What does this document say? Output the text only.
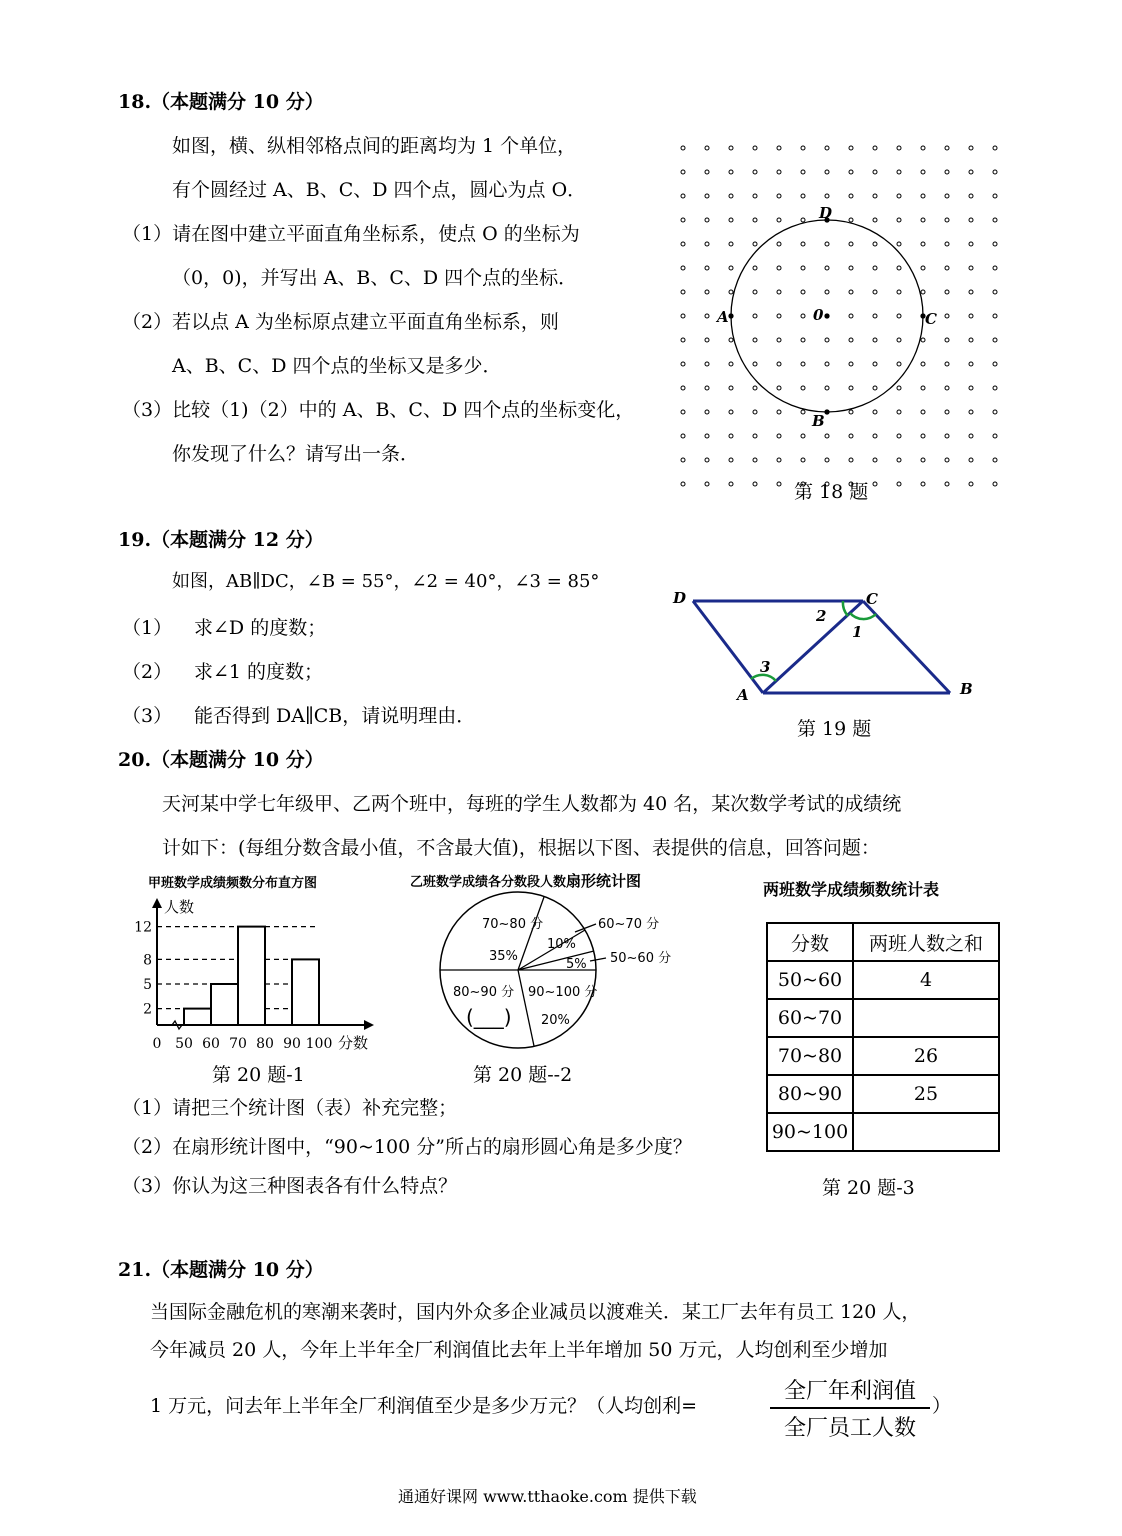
18.（本题满分 10 分）
如图，横、纵相邻格点间的距离均为 1 个单位，
有个圆经过 A、B、C、D 四个点，圆心为点 O．
（1）请在图中建立平面直角坐标系，使点 O 的坐标为
（0，0)，并写出 A、B、C、D 四个点的坐标．
（2）若以点 A 为坐标原点建立平面直角坐标系，则
A、B、C、D 四个点的坐标又是多少．
（3）比较（1)（2）中的 A、B、C、D 四个点的坐标变化，
你发现了什么？请写出一条．
D
A	0	C
B
第 18 题
19.（本题满分 12 分）
如图，AB∥DC，∠B = 55°，∠2 = 40°，∠3 = 85°
（1） 求∠D 的度数；
（2） 求∠1 的度数；
（3） 能否得到 DA∥CB，请说明理由．
D	C
2
1
3
A	B
第 19 题
20.（本题满分 10 分）
天河某中学七年级甲、乙两个班中，每班的学生人数都为 40 名，某次数学考试的成绩统
计如下：(每组分数含最小值，不含最大值)，根据以下图、表提供的信息，回答问题：
甲班数学成绩频数分布直方图
人数
分数
12
8
5
2
0 50 60 70 80 90 100
第 20 题-1
乙班数学成绩各分数段人数扇形统计图
70~80 分
35%
10%
60~70 分
5% 50~60 分
80~90 分 90~100 分
(___) 20%
第 20 题--2
两班数学成绩频数统计表
分数	两班人数之和
50~60	4
60~70	
70~80	26
80~90	25
90~100	
第 20 题-3
（1）请把三个统计图（表）补充完整；
（2）在扇形统计图中，“90~100 分”所占的扇形圆心角是多少度？
（3）你认为这三种图表各有什么特点？
21.（本题满分 10 分）
当国际金融危机的寒潮来袭时，国内外众多企业减员以渡难关．某工厂去年有员工 120 人，
今年减员 20 人，今年上半年全厂利润值比去年上半年增加 50 万元，人均创利至少增加
1 万元，问去年上半年全厂利润值至少是多少万元？（人均创利=
全厂年利润值
全厂员工人数
）
通通好课网 www.tthaoke.com 提供下载
